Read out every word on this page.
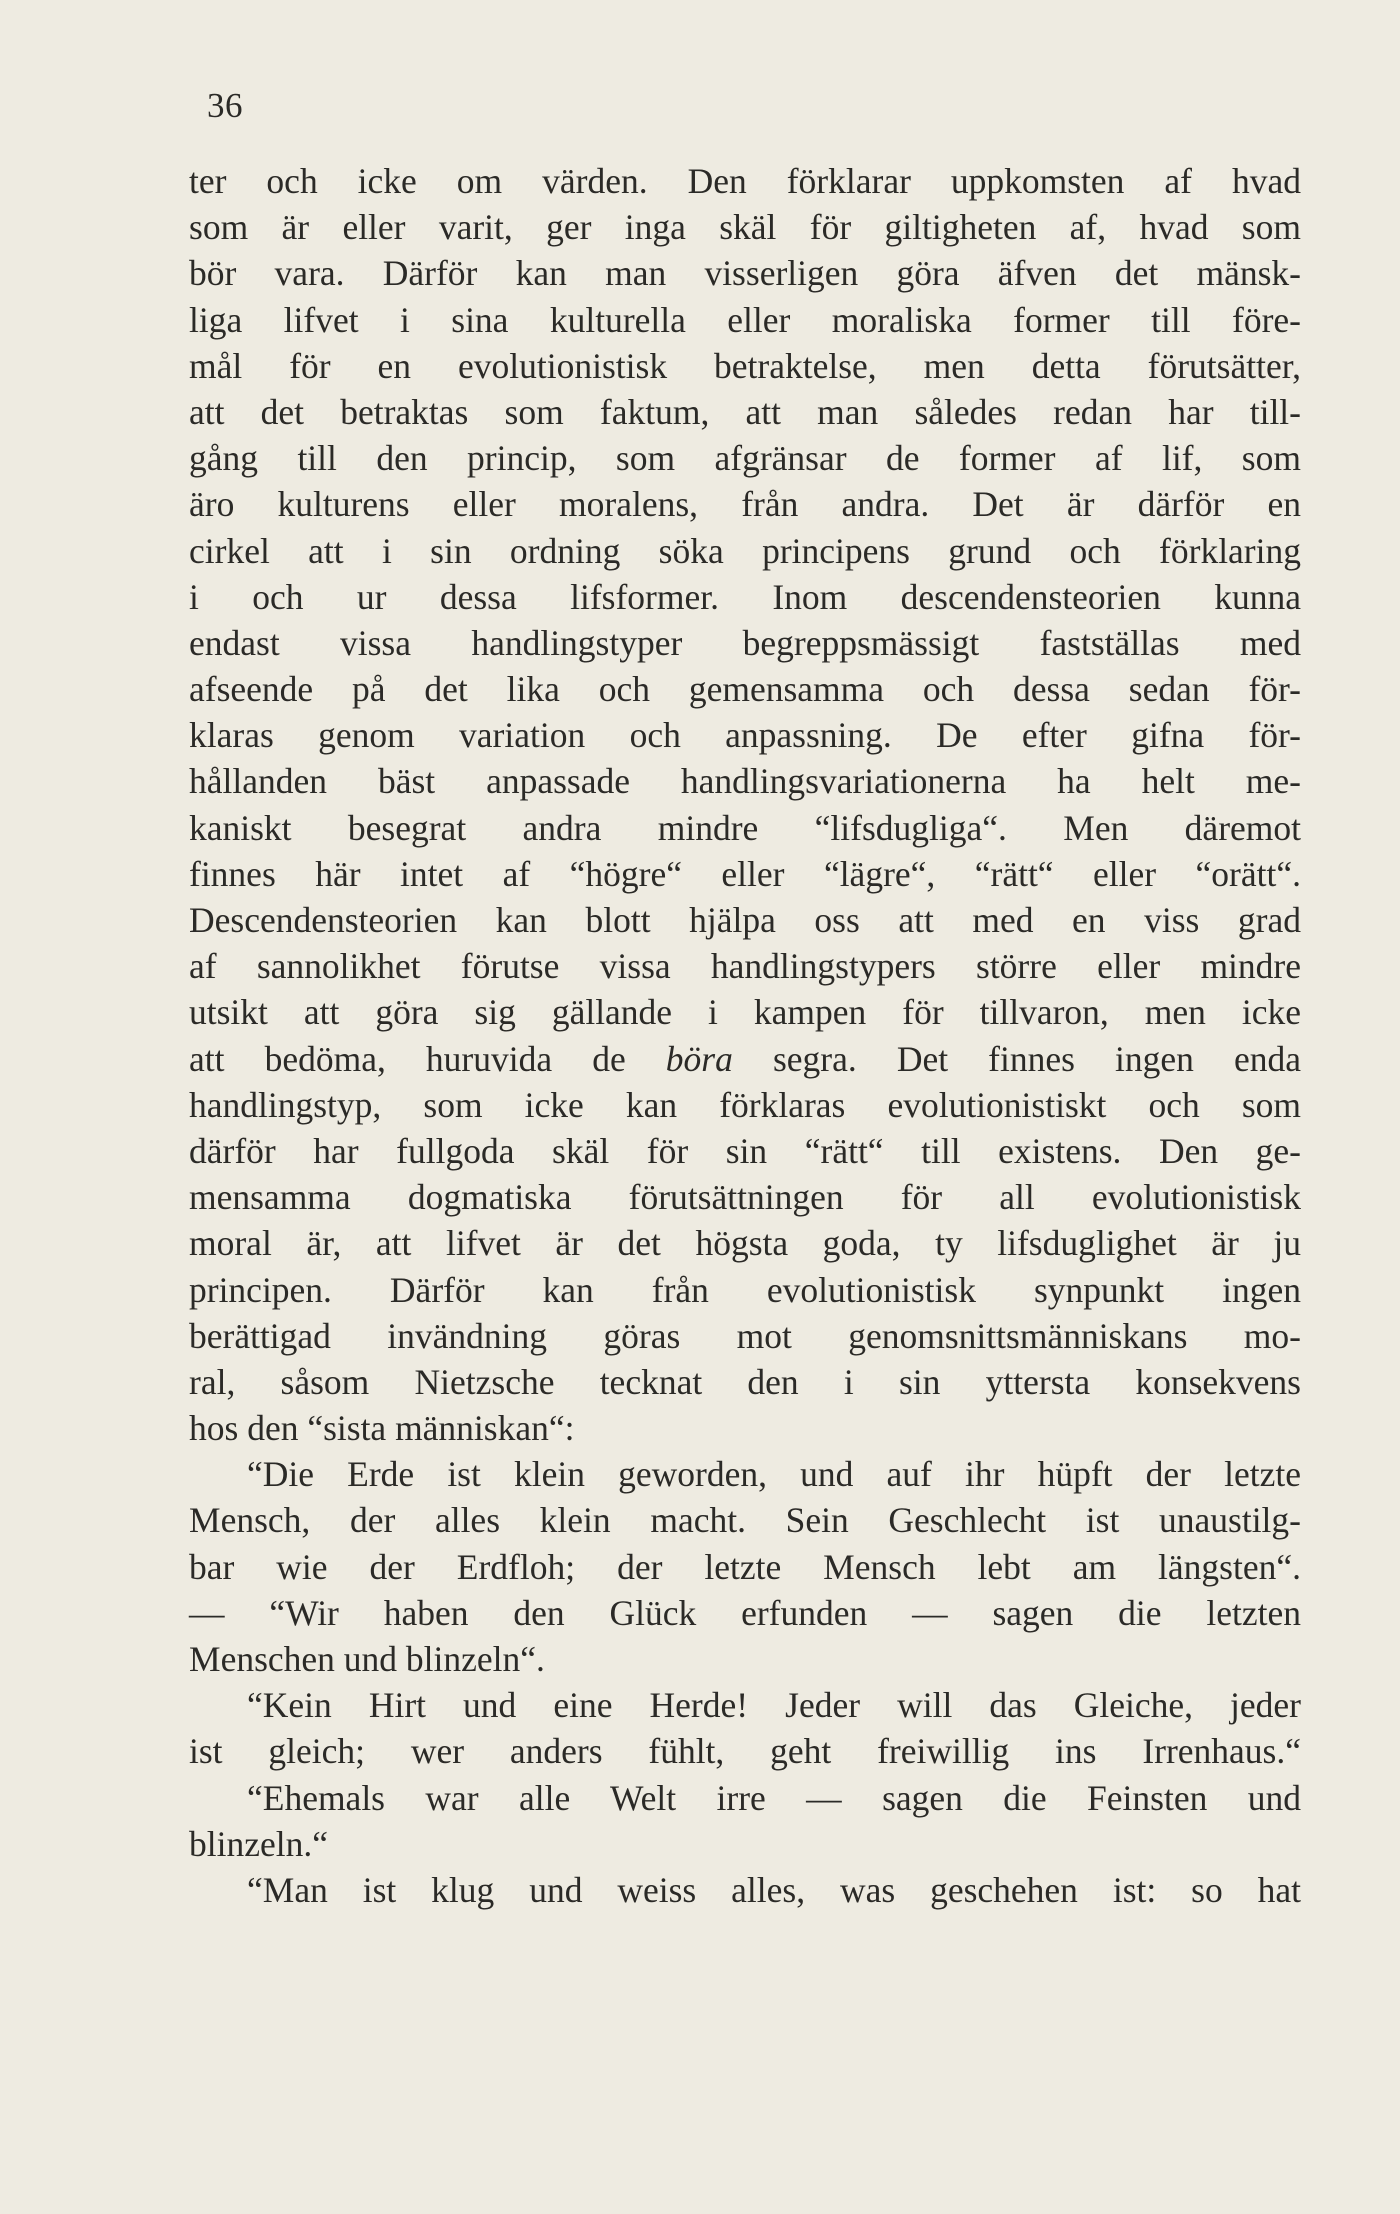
36
ter och icke om värden. Den förklarar uppkomsten af hvad
som är eller varit, ger inga skäl för giltigheten af, hvad som
bör vara. Därför kan man visserligen göra äfven det mänsk-
liga lifvet i sina kulturella eller moraliska former till före-
mål för en evolutionistisk betraktelse, men detta förutsätter,
att det betraktas som faktum, att man således redan har till-
gång till den princip, som afgränsar de former af lif, som
äro kulturens eller moralens, från andra. Det är därför en
cirkel att i sin ordning söka principens grund och förklaring
i och ur dessa lifsformer. Inom descendensteorien kunna
endast vissa handlingstyper begreppsmässigt fastställas med
afseende på det lika och gemensamma och dessa sedan för-
klaras genom variation och anpassning. De efter gifna för-
hållanden bäst anpassade handlingsvariationerna ha helt me-
kaniskt besegrat andra mindre “lifsdugliga“. Men däremot
finnes här intet af “högre“ eller “lägre“, “rätt“ eller “orätt“.
Descendensteorien kan blott hjälpa oss att med en viss grad
af sannolikhet förutse vissa handlingstypers större eller mindre
utsikt att göra sig gällande i kampen för tillvaron, men icke
att bedöma, huruvida de böra segra. Det finnes ingen enda
handlingstyp, som icke kan förklaras evolutionistiskt och som
därför har fullgoda skäl för sin “rätt“ till existens. Den ge-
mensamma dogmatiska förutsättningen för all evolutionistisk
moral är, att lifvet är det högsta goda, ty lifsduglighet är ju
principen. Därför kan från evolutionistisk synpunkt ingen
berättigad invändning göras mot genomsnittsmänniskans mo-
ral, såsom Nietzsche tecknat den i sin yttersta konsekvens
hos den “sista människan“:
“Die Erde ist klein geworden, und auf ihr hüpft der letzte
Mensch, der alles klein macht. Sein Geschlecht ist unaustilg-
bar wie der Erdfloh; der letzte Mensch lebt am längsten“.
— “Wir haben den Glück erfunden — sagen die letzten
Menschen und blinzeln“.
“Kein Hirt und eine Herde! Jeder will das Gleiche, jeder
ist gleich; wer anders fühlt, geht freiwillig ins Irrenhaus.“
“Ehemals war alle Welt irre — sagen die Feinsten und
blinzeln.“
“Man ist klug und weiss alles, was geschehen ist: so hat
